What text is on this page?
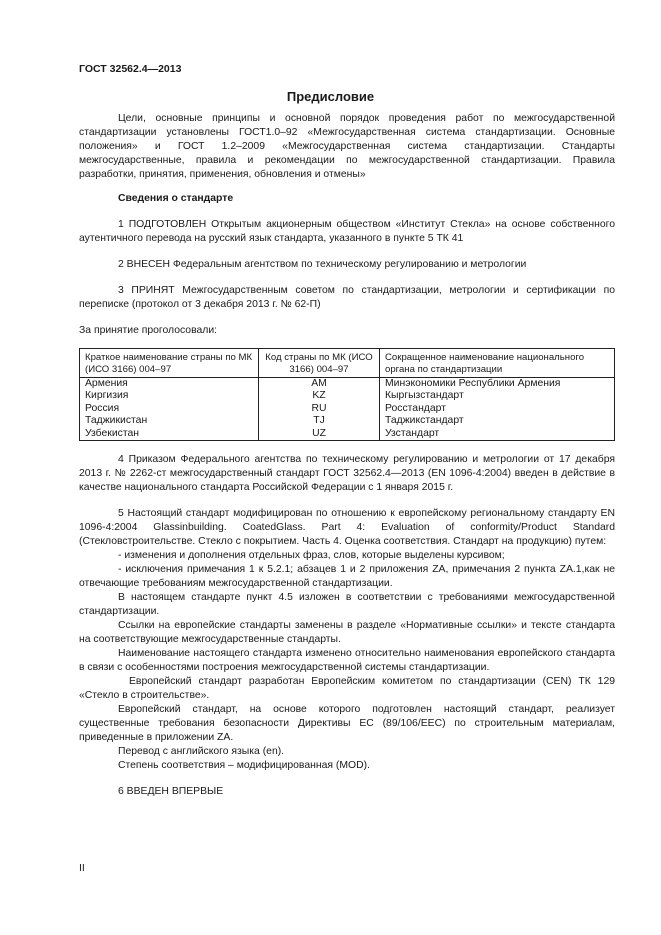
ГОСТ 32562.4—2013
Предисловие

Цели, основные принципы и основной порядок проведения работ по межгосударственной стандартизации установлены ГОСТ1.0–92 «Межгосударственная система стандартизации. Основные положения» и ГОСТ 1.2–2009 «Межгосударственная система стандартизации. Стандарты межгосударственные, правила и рекомендации по межгосударственной стандартизации. Правила разработки, принятия, применения, обновления и отмены»

Сведения о стандарте

1 ПОДГОТОВЛЕН Открытым акционерным обществом «Институт Стекла» на основе собственного аутентичного перевода на русский язык стандарта, указанного в пункте 5 ТК 41

2 ВНЕСЕН Федеральным агентством по техническому регулированию и метрологии

3 ПРИНЯТ Межгосударственным советом по стандартизации, метрологии и сертификации по переписке (протокол от 3 декабря 2013 г. № 62-П)

За принятие проголосовали:

Краткое наименование страны по МК (ИСО 3166) 004–97	Код страны по МК (ИСО 3166) 004–97	Сокращенное наименование национального органа по стандартизации
Армения	AM	Минэкономики Республики Армения
Киргизия	KZ	Кыргызстандарт
Россия	RU	Росстандарт
Таджикистан	TJ	Таджикстандарт
Узбекистан	UZ	Узстандарт

4 Приказом Федерального агентства по техническому регулированию и метрологии от 17 декабря 2013 г. № 2262-ст межгосударственный стандарт ГОСТ 32562.4—2013 (EN 1096-4:2004) введен в действие в качестве национального стандарта Российской Федерации с 1 января 2015 г.

5 Настоящий стандарт модифицирован по отношению к европейскому региональному стандарту EN 1096-4:2004 Glassinbuilding. CoatedGlass. Part 4: Evaluation of conformity/Product Standard (Стекловстроительстве. Стекло с покрытием. Часть 4. Оценка соответствия. Стандарт на продукцию) путем:

- изменения и дополнения отдельных фраз, слов, которые выделены курсивом;

- исключения примечания 1 к 5.2.1; абзацев 1 и 2 приложения ZA, примечания 2 пункта ZA.1,как не отвечающие требованиям межгосударственной стандартизации.

В настоящем стандарте пункт 4.5 изложен в соответствии с требованиями межгосударственной стандартизации.

Ссылки на европейские стандарты заменены в разделе «Нормативные ссылки» и тексте стандарта на соответствующие межгосударственные стандарты.

Наименование настоящего стандарта изменено относительно наименования европейского стандарта в связи с особенностями построения межгосударственной системы стандартизации.

Европейский стандарт разработан Европейским комитетом по стандартизации (CEN) ТК 129 «Стекло в строительстве».

Европейский стандарт, на основе которого подготовлен настоящий стандарт, реализует существенные требования безопасности Директивы ЕС (89/106/EEC) по строительным материалам, приведенные в приложении ZA.

Перевод с английского языка (en).

Степень соответствия – модифицированная (MOD).

6 ВВЕДЕН ВПЕРВЫЕ

II
